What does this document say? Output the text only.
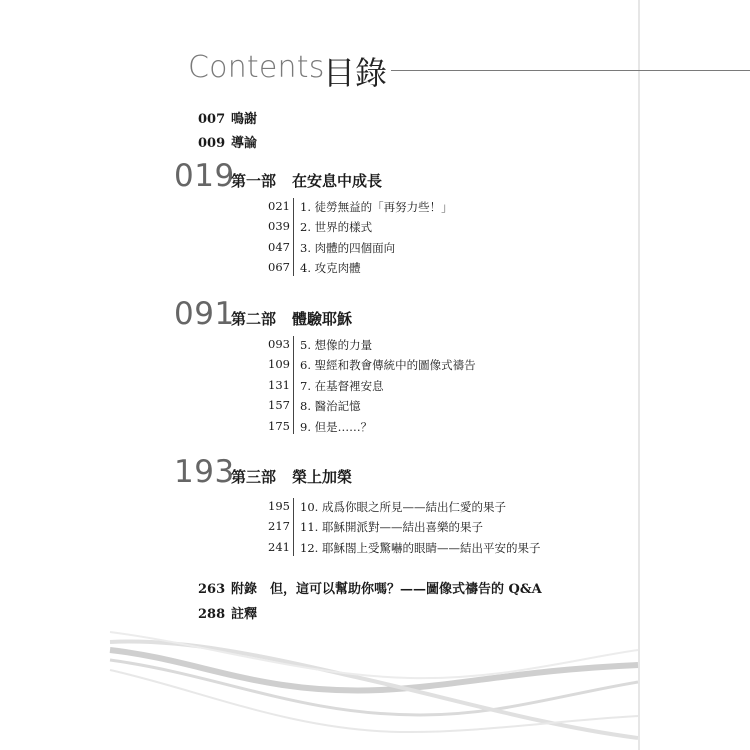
Contents
目錄
007 鳴謝
009 導論
019
第一部 在安息中成長
021 1. 徒勞無益的「再努力些！」
039 2. 世界的樣式
047 3. 肉體的四個面向
067 4. 攻克肉體
091
第二部 體驗耶穌
093 5. 想像的力量
109 6. 聖經和教會傳統中的圖像式禱告
131 7. 在基督裡安息
157 8. 醫治記憶
175 9. 但是……？
193
第三部 榮上加榮
195 10. 成爲你眼之所見——結出仁愛的果子
217 11. 耶穌開派對——結出喜樂的果子
241 12. 耶穌閤上受驚嚇的眼睛——結出平安的果子
263 附錄　但，這可以幫助你嗎？——圖像式禱告的 Q&A
288 註釋
